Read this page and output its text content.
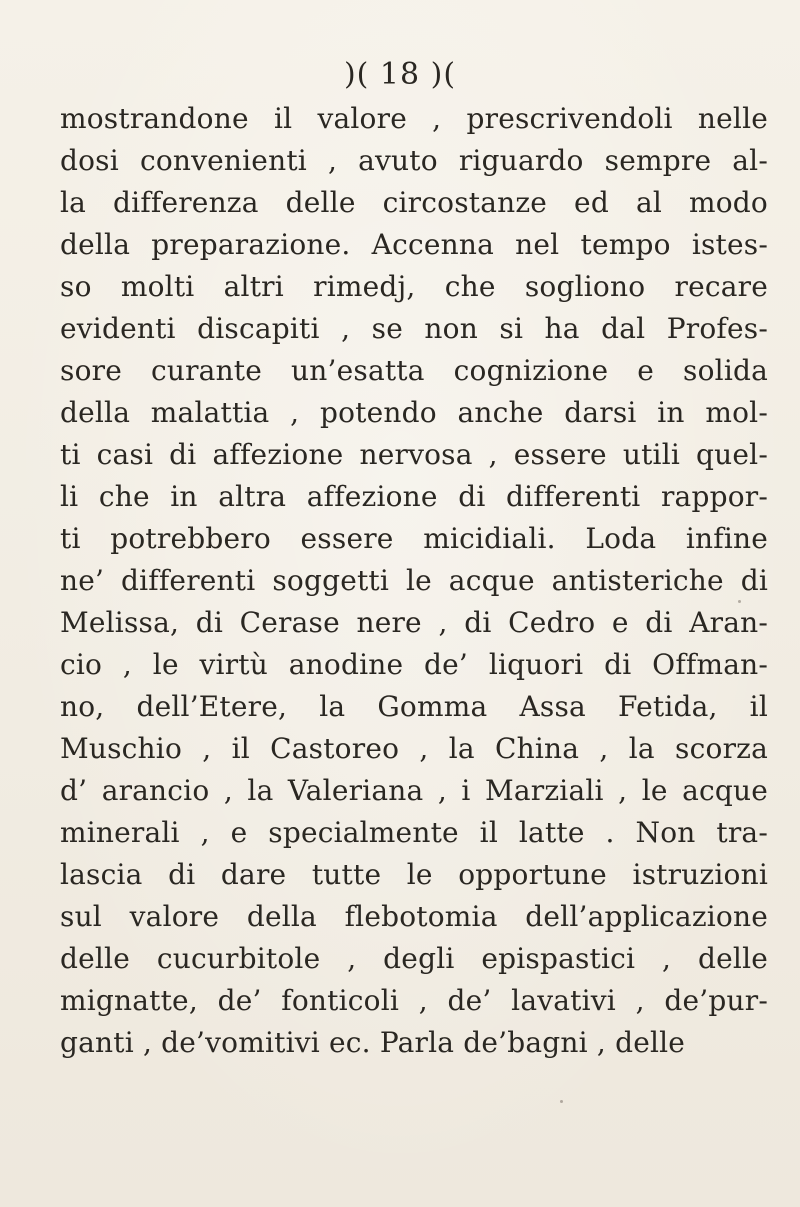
)( 18 )(
mostrandone il valore , prescrivendoli nelle
dosi convenienti , avuto riguardo sempre al-
la differenza delle circostanze ed al modo
della preparazione. Accenna nel tempo istes-
so molti altri rimedj, che sogliono recare
evidenti discapiti , se non si ha dal Profes-
sore curante un’esatta cognizione e solida
della malattia , potendo anche darsi in mol-
ti casi di affezione nervosa , essere utili quel-
li che in altra affezione di differenti rappor-
ti potrebbero essere micidiali. Loda infine
ne’ differenti soggetti le acque antisteriche di
Melissa, di Cerase nere , di Cedro e di Aran-
cio , le virtù anodine de’ liquori di Offman-
no, dell’Etere, la Gomma Assa Fetida, il
Muschio , il Castoreo , la China , la scorza
d’ arancio , la Valeriana , i Marziali , le acque
minerali , e specialmente il latte . Non tra-
lascia di dare tutte le opportune istruzioni
sul valore della flebotomia dell’applicazione
delle cucurbitole , degli epispastici , delle
mignatte, de’ fonticoli , de’ lavativi , de’pur-
ganti , de’vomitivi ec. Parla de’bagni , delle
